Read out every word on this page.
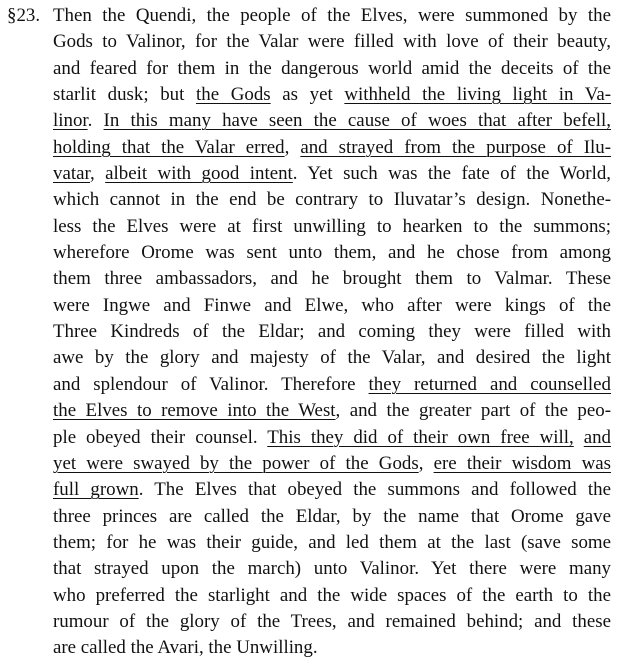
§23. Then the Quendi, the people of the Elves, were summoned by the
Gods to Valinor, for the Valar were filled with love of their beauty,
and feared for them in the dangerous world amid the deceits of the
starlit dusk; but the Gods as yet withheld the living light in Va-
linor. In this many have seen the cause of woes that after befell,
holding that the Valar erred, and strayed from the purpose of Ilu-
vatar, albeit with good intent. Yet such was the fate of the World,
which cannot in the end be contrary to Iluvatar’s design. Nonethe-
less the Elves were at first unwilling to hearken to the summons;
wherefore Orome was sent unto them, and he chose from among
them three ambassadors, and he brought them to Valmar. These
were Ingwe and Finwe and Elwe, who after were kings of the
Three Kindreds of the Eldar; and coming they were filled with
awe by the glory and majesty of the Valar, and desired the light
and splendour of Valinor. Therefore they returned and counselled
the Elves to remove into the West, and the greater part of the peo-
ple obeyed their counsel. This they did of their own free will, and
yet were swayed by the power of the Gods, ere their wisdom was
full grown. The Elves that obeyed the summons and followed the
three princes are called the Eldar, by the name that Orome gave
them; for he was their guide, and led them at the last (save some
that strayed upon the march) unto Valinor. Yet there were many
who preferred the starlight and the wide spaces of the earth to the
rumour of the glory of the Trees, and remained behind; and these
are called the Avari, the Unwilling.
